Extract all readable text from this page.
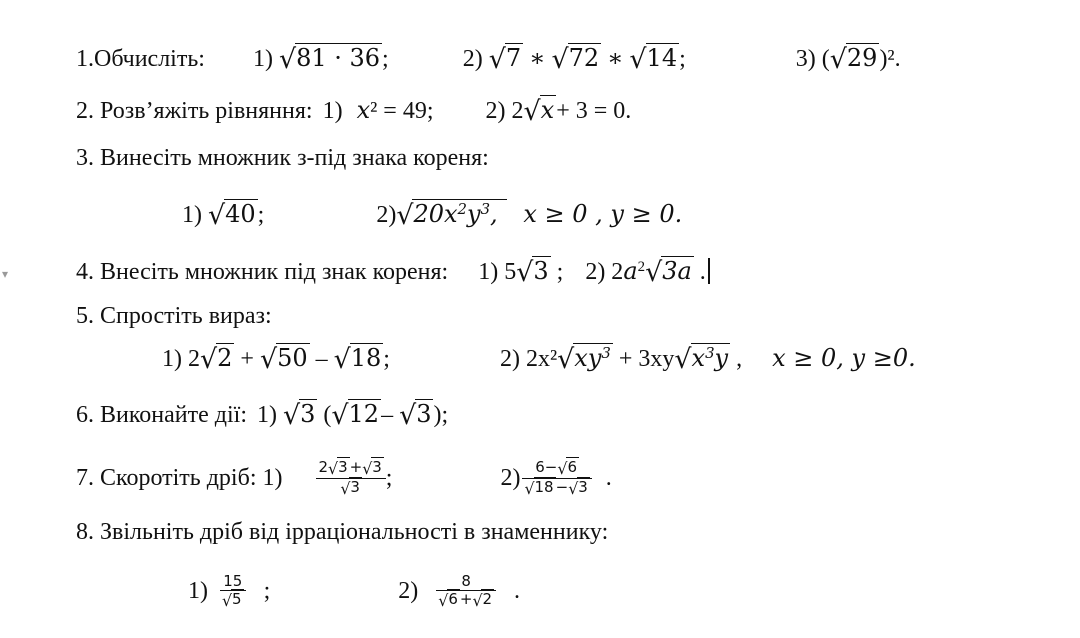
▾
1.Обчисліть: 1) √81 · 36;	2) √7 ∗ √72 ∗ √14;	3) (√29)².
2. Розв’яжіть рівняння: 1) x² = 49; 2) 2√x+ 3 = 0.
3. Винесіть множник з-під знака кореня:
1) √40;	$2)√20x^2y^3$, x ≥ 0 , y ≥ 0.
4. Внесіть множник під знак кореня: 1) 5√3 ; 2) $2a^2√3a$ .
5. Спростіть вираз:
1) 2√2 + √50 – √18;	2) $2x^2√xy^3 + 3xy√x^3y$ , x ≥ 0, y ≥0.
6. Виконайте дії: 1) √3 (√12– √3);
7. Скоротіть дріб: $1) \frac{2√3 +√3}{√3}$ ;	$2) \frac{6-√6}{√18 -√3}$ .
8. Звільніть дріб від ірраціональності в знаменнику:
$1) \frac{15}{√5}$ ;	$2) \frac{8}{√6 +√2}$ .
